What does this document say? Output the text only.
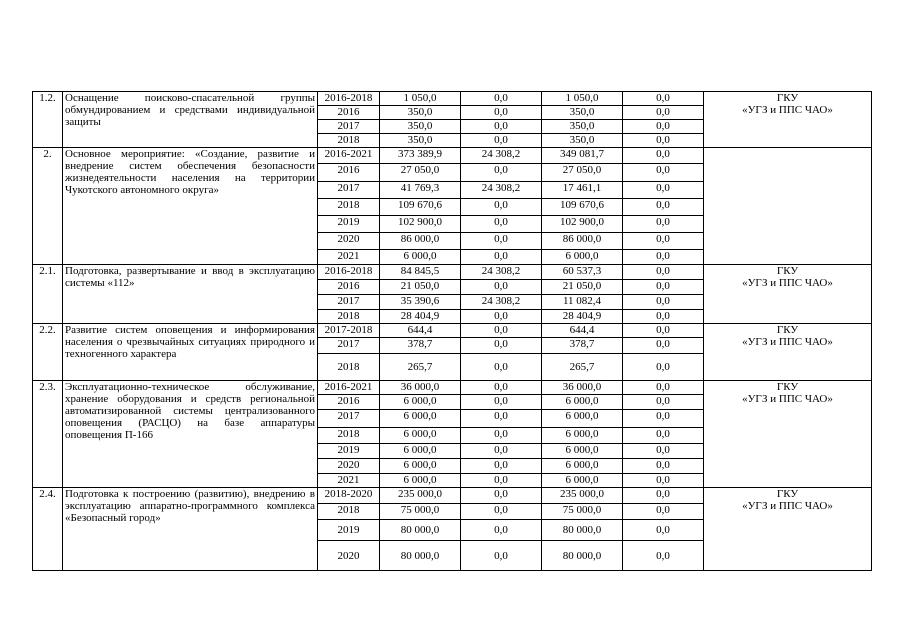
1.2.	Оснащение поисково-спасательной группы обмундированием и средствами индивидуальной защиты	2016-2018	1 050,0	0,0	1 050,0	0,0	ГКУ
«УГЗ и ППС ЧАО»

		2016	350,0	0,0	350,0	0,0	
		2017	350,0	0,0	350,0	0,0	
		2018	350,0	0,0	350,0	0,0	
2.	Основное мероприятие: «Создание, развитие и внедрение систем обеспечения безопасности жизнедеятельности населения на территории Чукотского автономного округа»	2016-2021	373 389,9	24 308,2	349 081,7	0,0	

		2016	27 050,0	0,0	27 050,0	0,0	
		2017	41 769,3	24 308,2	17 461,1	0,0	
		2018	109 670,6	0,0	109 670,6	0,0	
		2019	102 900,0	0,0	102 900,0	0,0	
		2020	86 000,0	0,0	86 000,0	0,0	
		2021	6 000,0	0,0	6 000,0	0,0	
2.1.	Подготовка, развертывание и ввод в эксплуатацию системы «112»	2016-2018	84 845,5	24 308,2	60 537,3	0,0	ГКУ
«УГЗ и ППС ЧАО»

		2016	21 050,0	0,0	21 050,0	0,0	
		2017	35 390,6	24 308,2	11 082,4	0,0	
		2018	28 404,9	0,0	28 404,9	0,0	
2.2.	Развитие систем оповещения и информирования населения о чрезвычайных ситуациях природного и техногенного характера	2017-2018	644,4	0,0	644,4	0,0	ГКУ
«УГЗ и ППС ЧАО»

		2017	378,7	0,0	378,7	0,0	
		2018	265,7	0,0	265,7	0,0	
2.3.	Эксплуатационно-техническое обслуживание, хранение оборудования и средств региональной автоматизированной системы централизованного оповещения (РАСЦО) на базе аппаратуры оповещения П-166	2016-2021	36 000,0	0,0	36 000,0	0,0	ГКУ
«УГЗ и ППС ЧАО»

		2016	6 000,0	0,0	6 000,0	0,0	
		2017	6 000,0	0,0	6 000,0	0,0	
		2018	6 000,0	0,0	6 000,0	0,0	
		2019	6 000,0	0,0	6 000,0	0,0	
		2020	6 000,0	0,0	6 000,0	0,0	
		2021	6 000,0	0,0	6 000,0	0,0	
2.4.	Подготовка к построению (развитию), внедрению в эксплуатацию аппаратно-программного комплекса «Безопасный город»	2018-2020	235 000,0	0,0	235 000,0	0,0	ГКУ
«УГЗ и ППС ЧАО»

		2018	75 000,0	0,0	75 000,0	0,0	
		2019	80 000,0	0,0	80 000,0	0,0	
		2020	80 000,0	0,0	80 000,0	0,0	
